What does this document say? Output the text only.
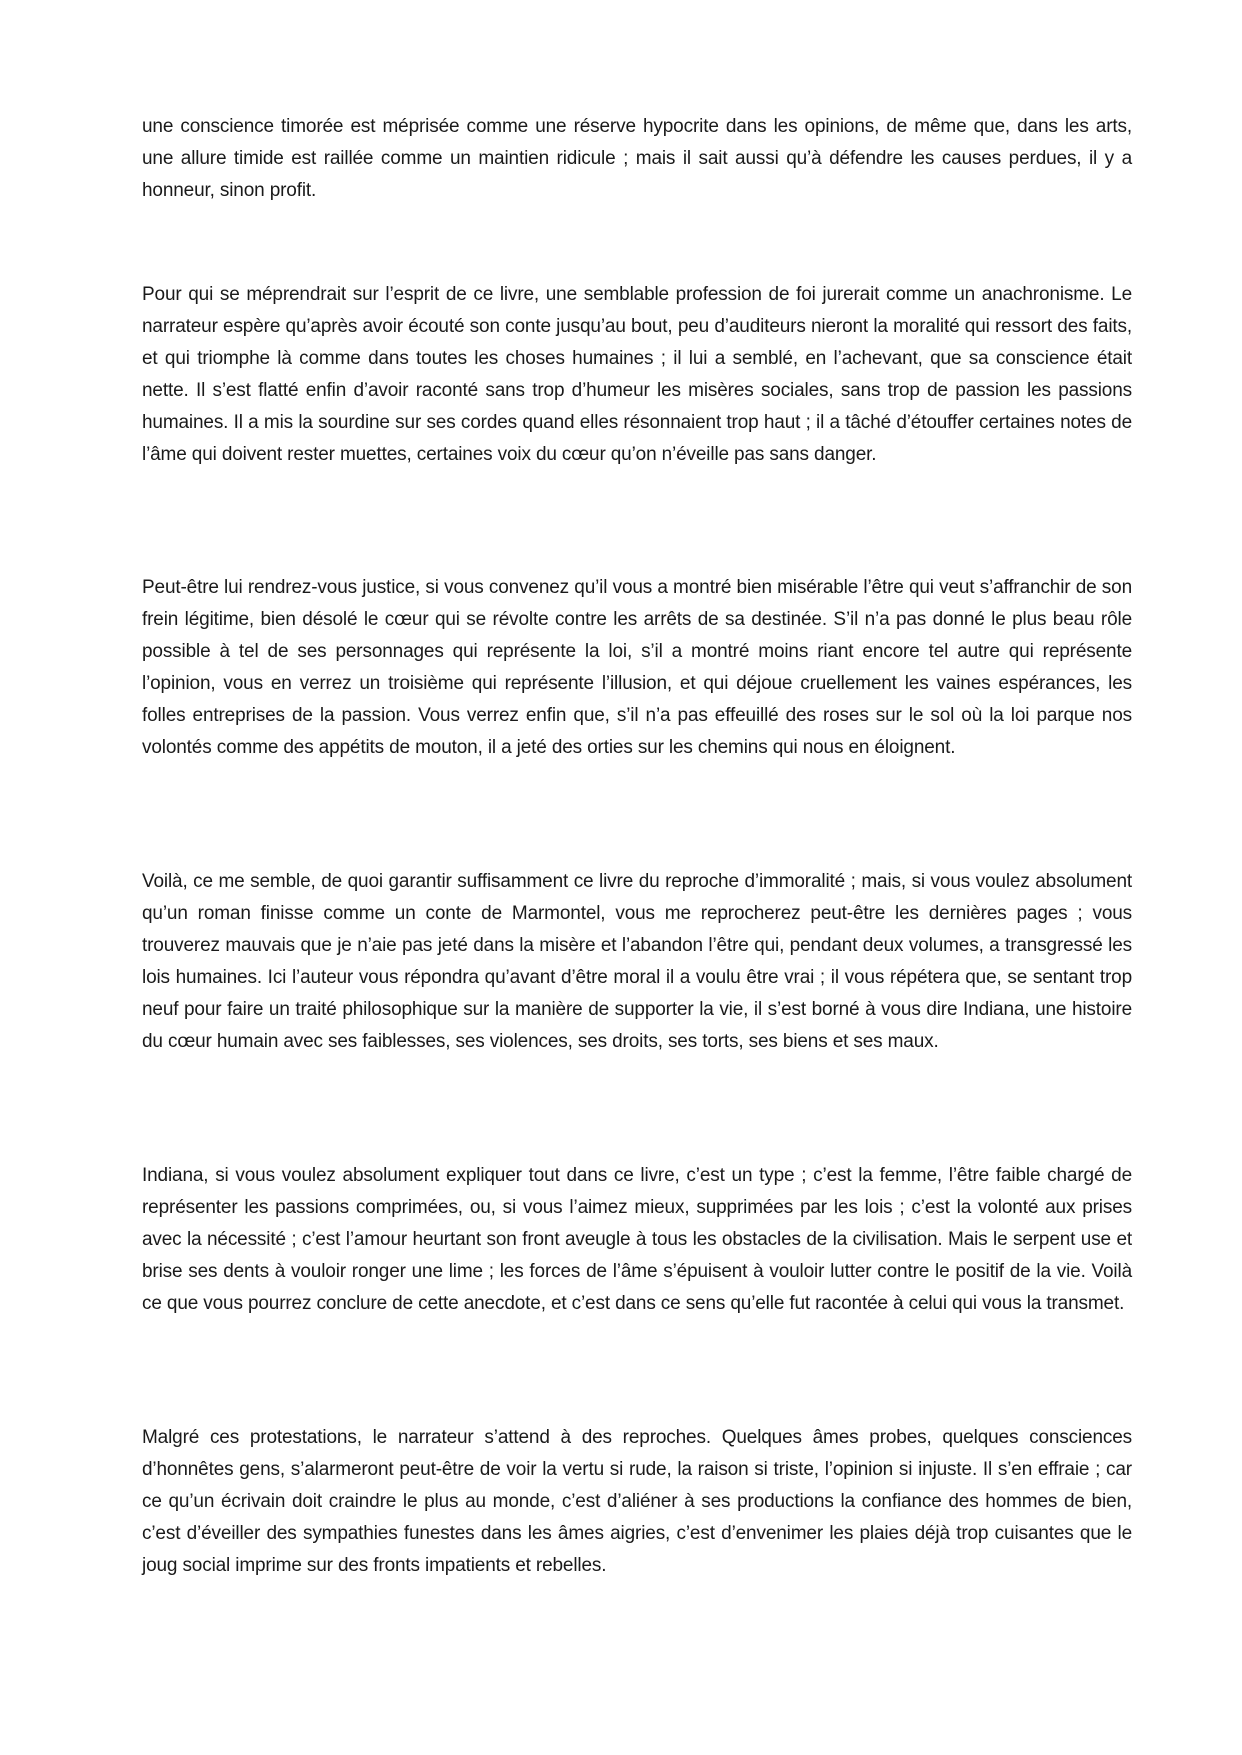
une conscience timorée est méprisée comme une réserve hypocrite dans les opinions, de même que, dans les arts, une allure timide est raillée comme un maintien ridicule ; mais il sait aussi qu’à défendre les causes perdues, il y a honneur, sinon profit.

Pour qui se méprendrait sur l’esprit de ce livre, une semblable profession de foi jurerait comme un anachronisme. Le narrateur espère qu’après avoir écouté son conte jusqu’au bout, peu d’auditeurs nieront la moralité qui ressort des faits, et qui triomphe là comme dans toutes les choses humaines ; il lui a semblé, en l’achevant, que sa conscience était nette. Il s’est flatté enfin d’avoir raconté sans trop d’humeur les misères sociales, sans trop de passion les passions humaines. Il a mis la sourdine sur ses cordes quand elles résonnaient trop haut ; il a tâché d’étouffer certaines notes de l’âme qui doivent rester muettes, certaines voix du cœur qu’on n’éveille pas sans danger.

Peut-être lui rendrez-vous justice, si vous convenez qu’il vous a montré bien misérable l’être qui veut s’affranchir de son frein légitime, bien désolé le cœur qui se révolte contre les arrêts de sa destinée. S’il n’a pas donné le plus beau rôle possible à tel de ses personnages qui représente la loi, s’il a montré moins riant encore tel autre qui représente l’opinion, vous en verrez un troisième qui représente l’illusion, et qui déjoue cruellement les vaines espérances, les folles entreprises de la passion. Vous verrez enfin que, s’il n’a pas effeuillé des roses sur le sol où la loi parque nos volontés comme des appétits de mouton, il a jeté des orties sur les chemins qui nous en éloignent.

Voilà, ce me semble, de quoi garantir suffisamment ce livre du reproche d’immoralité ; mais, si vous voulez absolument qu’un roman finisse comme un conte de Marmontel, vous me reprocherez peut-être les dernières pages ; vous trouverez mauvais que je n’aie pas jeté dans la misère et l’abandon l’être qui, pendant deux volumes, a transgressé les lois humaines. Ici l’auteur vous répondra qu’avant d’être moral il a voulu être vrai ; il vous répétera que, se sentant trop neuf pour faire un traité philosophique sur la manière de supporter la vie, il s’est borné à vous dire Indiana, une histoire du cœur humain avec ses faiblesses, ses violences, ses droits, ses torts, ses biens et ses maux.

Indiana, si vous voulez absolument expliquer tout dans ce livre, c’est un type ; c’est la femme, l’être faible chargé de représenter les passions comprimées, ou, si vous l’aimez mieux, supprimées par les lois ; c’est la volonté aux prises avec la nécessité ; c’est l’amour heurtant son front aveugle à tous les obstacles de la civilisation. Mais le serpent use et brise ses dents à vouloir ronger une lime ; les forces de l’âme s’épuisent à vouloir lutter contre le positif de la vie. Voilà ce que vous pourrez conclure de cette anecdote, et c’est dans ce sens qu’elle fut racontée à celui qui vous la transmet.

Malgré ces protestations, le narrateur s’attend à des reproches. Quelques âmes probes, quelques consciences d’honnêtes gens, s’alarmeront peut-être de voir la vertu si rude, la raison si triste, l’opinion si injuste. Il s’en effraie ; car ce qu’un écrivain doit craindre le plus au monde, c’est d’aliéner à ses productions la confiance des hommes de bien, c’est d’éveiller des sympathies funestes dans les âmes aigries, c’est d’envenimer les plaies déjà trop cuisantes que le joug social imprime sur des fronts impatients et rebelles.
